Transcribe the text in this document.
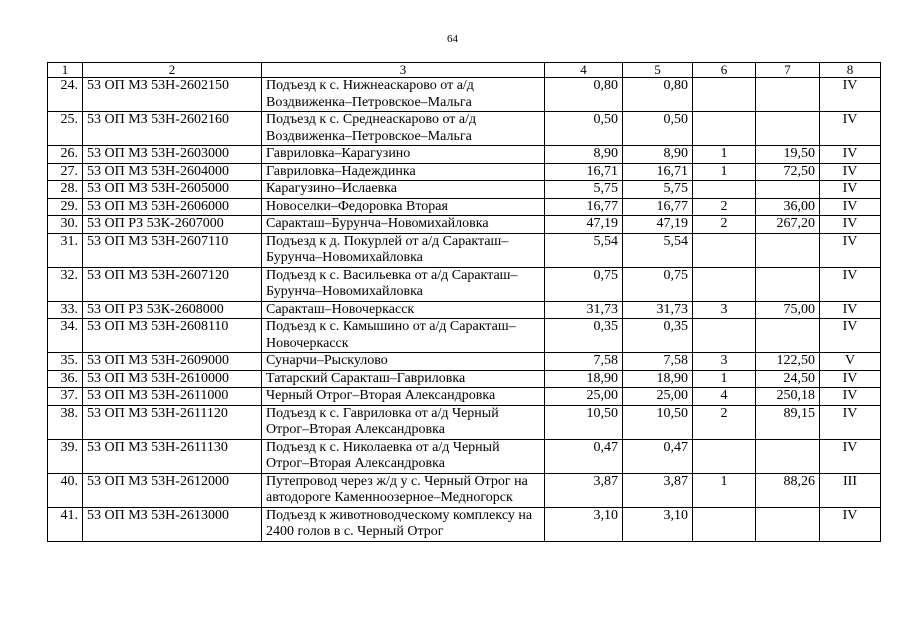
64
1	2	3	4	5	6	7	8
24.	53 ОП МЗ 53Н-2602150	Подъезд к с. Нижнеаскарово от а/д Воздвиженка–Петровское–Мальга	0,80	0,80			IV
25.	53 ОП МЗ 53Н-2602160	Подъезд к с. Среднеаскарово от а/д Воздвиженка–Петровское–Мальга	0,50	0,50			IV
26.	53 ОП МЗ 53Н-2603000	Гавриловка–Карагузино	8,90	8,90	1	19,50	IV
27.	53 ОП МЗ 53Н-2604000	Гавриловка–Надеждинка	16,71	16,71	1	72,50	IV
28.	53 ОП МЗ 53Н-2605000	Карагузино–Ислаевка	5,75	5,75			IV
29.	53 ОП МЗ 53Н-2606000	Новоселки–Федоровка Вторая	16,77	16,77	2	36,00	IV
30.	53 ОП РЗ 53К-2607000	Саракташ–Бурунча–Новомихайловка	47,19	47,19	2	267,20	IV
31.	53 ОП МЗ 53Н-2607110	Подъезд к д. Покурлей от а/д Саракташ–Бурунча–Новомихайловка	5,54	5,54			IV
32.	53 ОП МЗ 53Н-2607120	Подъезд к с. Васильевка от а/д Саракташ–Бурунча–Новомихайловка	0,75	0,75			IV
33.	53 ОП РЗ 53К-2608000	Саракташ–Новочеркасск	31,73	31,73	3	75,00	IV
34.	53 ОП МЗ 53Н-2608110	Подъезд к с. Камышино от а/д Саракташ–Новочеркасск	0,35	0,35			IV
35.	53 ОП МЗ 53Н-2609000	Сунарчи–Рыскулово	7,58	7,58	3	122,50	V
36.	53 ОП МЗ 53Н-2610000	Татарский Саракташ–Гавриловка	18,90	18,90	1	24,50	IV
37.	53 ОП МЗ 53Н-2611000	Черный Отрог–Вторая Александровка	25,00	25,00	4	250,18	IV
38.	53 ОП МЗ 53Н-2611120	Подъезд к с. Гавриловка от а/д Черный Отрог–Вторая Александровка	10,50	10,50	2	89,15	IV
39.	53 ОП МЗ 53Н-2611130	Подъезд к с. Николаевка от а/д Черный Отрог–Вторая Александровка	0,47	0,47			IV
40.	53 ОП МЗ 53Н-2612000	Путепровод через ж/д у с. Черный Отрог на автодороге Каменноозерное–Медногорск	3,87	3,87	1	88,26	III
41.	53 ОП МЗ 53Н-2613000	Подъезд к животноводческому комплексу на 2400 голов в с. Черный Отрог	3,10	3,10			IV
